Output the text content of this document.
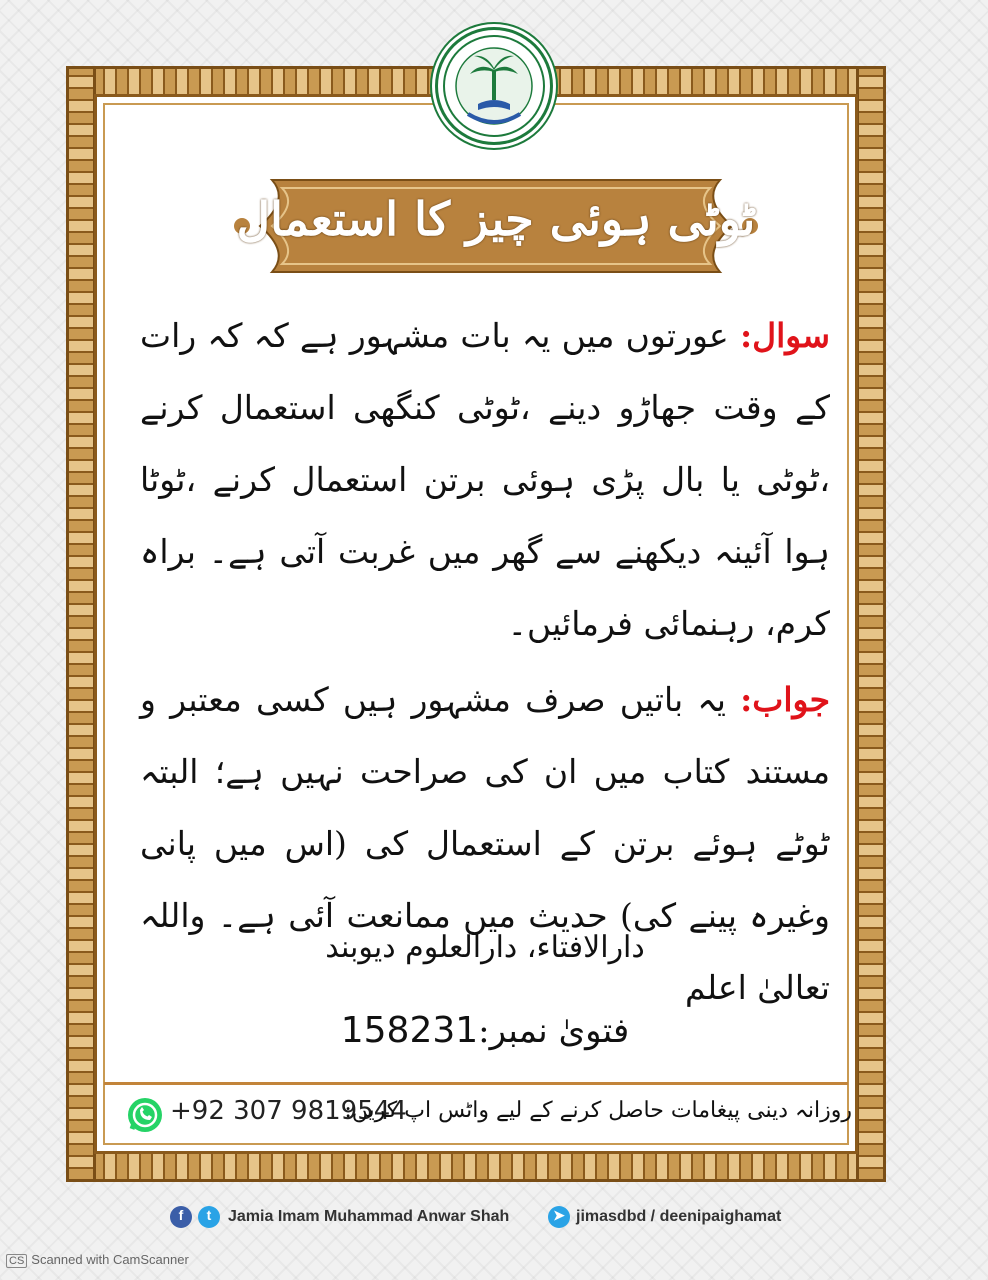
ٹوٹی ہوئی چیز کا استعمال

سوال: عورتوں میں یہ بات مشہور ہے کہ کہ رات کے وقت جھاڑو دینے ،ٹوٹی کنگھی استعمال کرنے ،ٹوٹی یا بال پڑی ہوئی برتن استعمال کرنے ،ٹوٹا ہوا آئینہ دیکھنے سے گھر میں غربت آتی ہے۔ براہ کرم، رہنمائی فرمائیں۔

جواب: یہ باتیں صرف مشہور ہیں کسی معتبر و مستند کتاب میں ان کی صراحت نہیں ہے؛ البتہ ٹوٹے ہوئے برتن کے استعمال کی (اس میں پانی وغیرہ پینے کی) حدیث میں ممانعت آئی ہے۔ واللہ تعالیٰ اعلم

دارالافتاء، دارالعلوم دیوبند
فتویٰ نمبر:158231
+92 307 9819544
روزانہ دینی پیغامات حاصل کرنے کے لیے واٹس اپ کریں:
f	t	Jamia Imam Muhammad Anwar Shah	➤ jimasdbd / deenipaighamat
CS Scanned with CamScanner
